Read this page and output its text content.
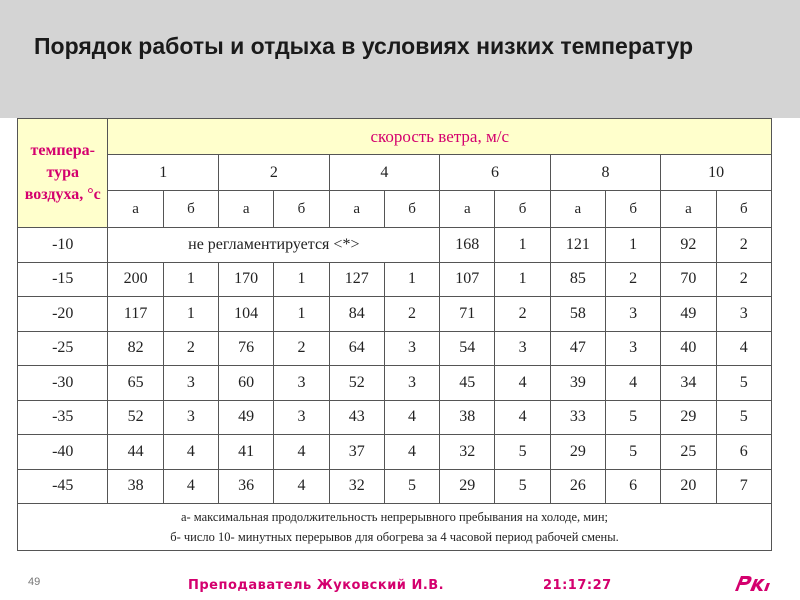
Порядок работы и отдыха в условиях низких температур
темпера-тура воздуха, °с	скорость ветра, м/с											
	1		2		4		6		8		10	
	а	б	а	б	а	б	а	б	а	б	а	б
-10	не регламентируется <*>						168	1	121	1	92	2
-15	200	1	170	1	127	1	107	1	85	2	70	2
-20	117	1	104	1	84	2	71	2	58	3	49	3
-25	82	2	76	2	64	3	54	3	47	3	40	4
-30	65	3	60	3	52	3	45	4	39	4	34	5
-35	52	3	49	3	43	4	38	4	33	5	29	5
-40	44	4	41	4	37	4	32	5	29	5	25	6
-45	38	4	36	4	32	5	29	5	26	6	20	7

а- максимальная продолжительность непрерывного пребывания на холоде, мин;
б- число 10- минутных перерывов для обогрева за 4 часовой период рабочей смены.												
49	Преподаватель Жуковский И.В.	21:17:27
